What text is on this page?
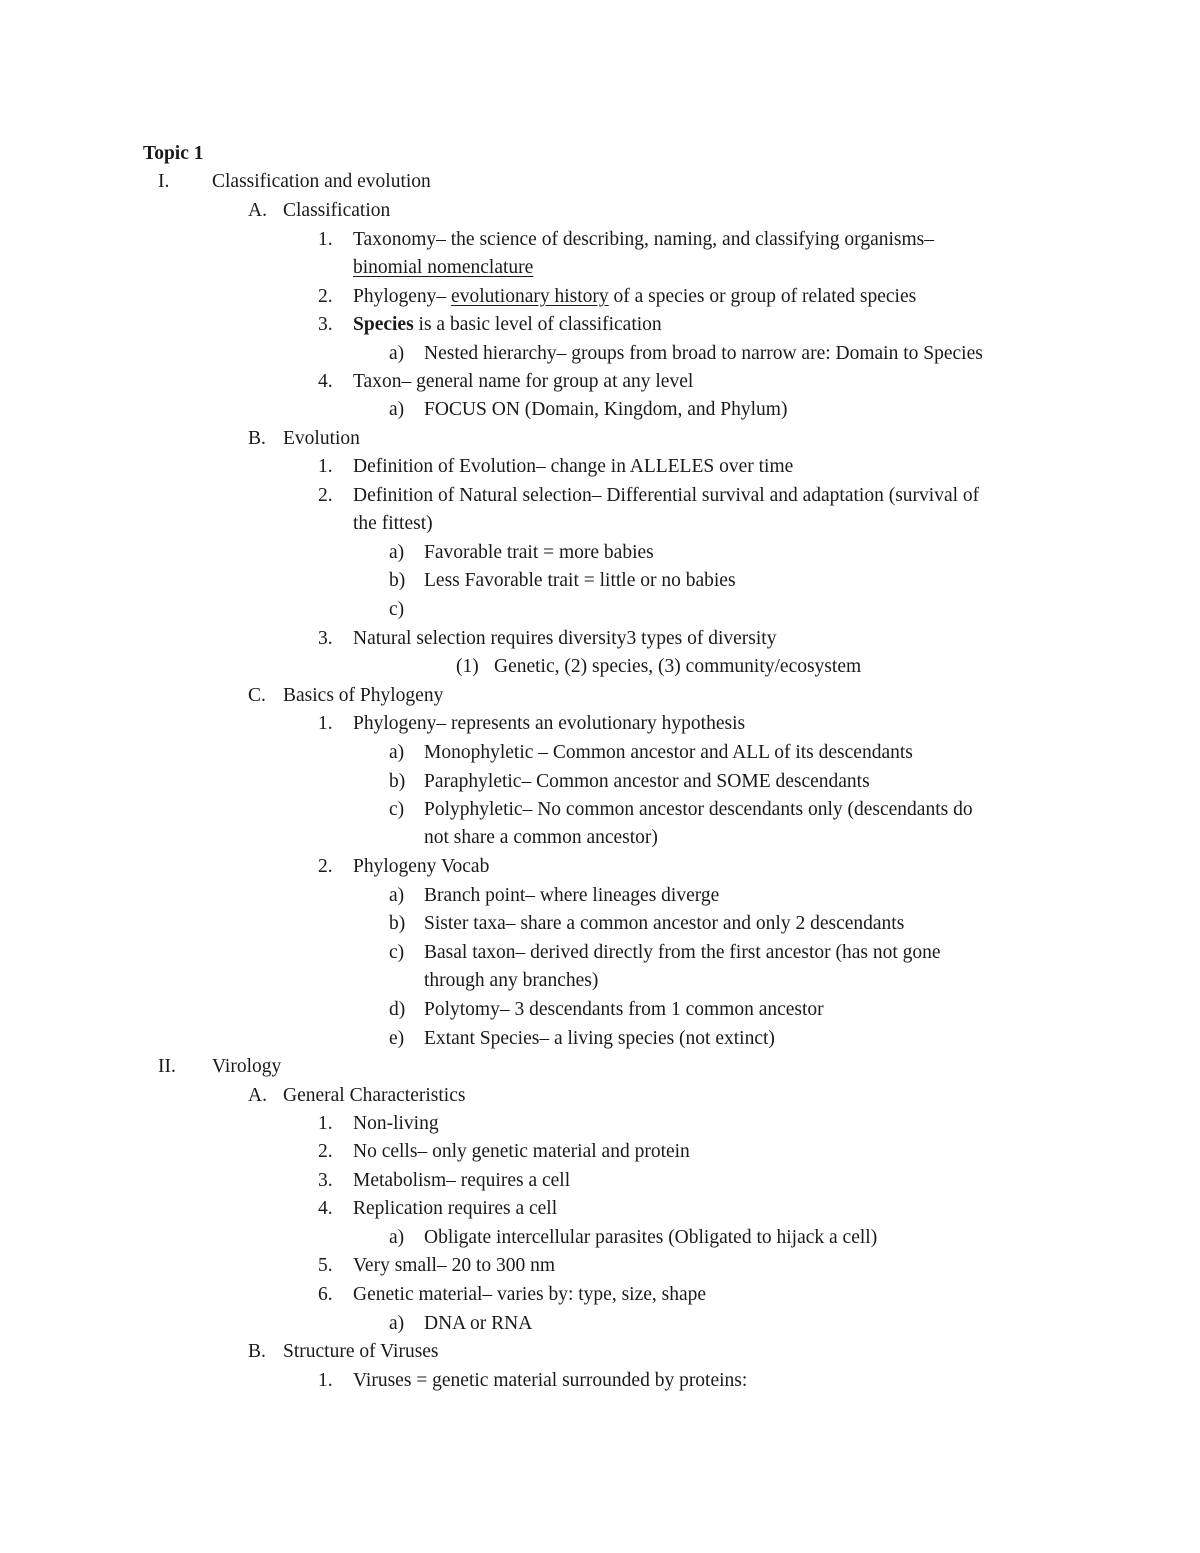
Topic 1
I. Classification and evolution
A. Classification
1. Taxonomy– the science of describing, naming, and classifying organisms–
binomial nomenclature
2. Phylogeny– evolutionary history of a species or group of related species
3. Species is a basic level of classification
a) Nested hierarchy– groups from broad to narrow are: Domain to Species
4. Taxon– general name for group at any level
a) FOCUS ON (Domain, Kingdom, and Phylum)
B. Evolution
1. Definition of Evolution– change in ALLELES over time
2. Definition of Natural selection– Differential survival and adaptation (survival of
the fittest)
a) Favorable trait = more babies
b) Less Favorable trait = little or no babies
c)
3. Natural selection requires diversity3 types of diversity
(1) Genetic, (2) species, (3) community/ecosystem
C. Basics of Phylogeny
1. Phylogeny– represents an evolutionary hypothesis
a) Monophyletic – Common ancestor and ALL of its descendants
b) Paraphyletic– Common ancestor and SOME descendants
c) Polyphyletic– No common ancestor descendants only (descendants do
not share a common ancestor)
2. Phylogeny Vocab
a) Branch point– where lineages diverge
b) Sister taxa– share a common ancestor and only 2 descendants
c) Basal taxon– derived directly from the first ancestor (has not gone
through any branches)
d) Polytomy– 3 descendants from 1 common ancestor
e) Extant Species– a living species (not extinct)
II. Virology
A. General Characteristics
1. Non-living
2. No cells– only genetic material and protein
3. Metabolism– requires a cell
4. Replication requires a cell
a) Obligate intercellular parasites (Obligated to hijack a cell)
5. Very small– 20 to 300 nm
6. Genetic material– varies by: type, size, shape
a) DNA or RNA
B. Structure of Viruses
1. Viruses = genetic material surrounded by proteins:
